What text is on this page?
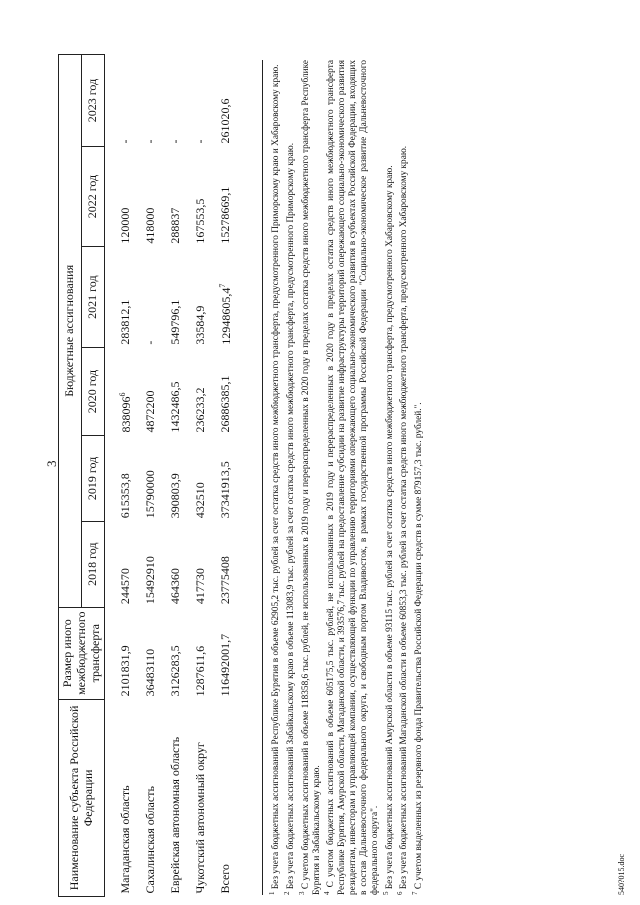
3
Наименование субъекта Российской Федерации	Размер иного межбюджетного трансферта	Бюджетные ассигнования					
		2018 год	2019 год	2020 год	2021 год	2022 год	2023 год
Магаданская область	2101831,9	244570	615353,8	838096$^6$	283812,1	120000	-
Сахалинская область	36483110	15492910	15790000	4872200	-	418000	-
Еврейская автономная область	3126283,5	464360	390803,9	1432486,5	549796,1	288837	-
Чукотский автономный округ	1287611,6	417730	432510	236233,2	33584,9	167553,5	-
Всего	116492001,7	23775408	37341913,5	26886385,1	12948605,4$^7$	15278669,1	261020,6

$^1$ Без учета бюджетных ассигнований Республике Бурятия в объеме 62905,2 тыс. рублей за счет остатка средств иного межбюджетного трансферта, предусмотренного Приморскому краю и Хабаровскому краю.

$^2$ Без учета бюджетных ассигнований Забайкальскому краю в объеме 113083,9 тыс. рублей за счет остатка средств иного межбюджетного трансферта, предусмотренного Приморскому краю.

$^3$ С учетом бюджетных ассигнований в объеме 118358,6 тыс. рублей, не использованных в 2019 году и перераспределенных в 2020 году в пределах остатка средств иного межбюджетного трансферта Республике Бурятия и Забайкальскому краю. $^4$ С учетом бюджетных ассигнований в объеме 605175,5 тыс. рублей, не использованных в 2019 году и перераспределенных в 2020 году в пределах остатка средств иного межбюджетного трансферта Республике Бурятия, Амурской области, Магаданской области, и 393576,7 тыс. рублей на предоставление субсидии на развитие инфраструктуры территорий опережающего социально-экономического развития резидентам, инвесторам и управляющей компании, осуществляющей функции по управлению территориями опережающего социально-экономического развития в субъектах Российской Федерации, входящих в состав Дальневосточного федерального округа, и свободным портом Владивосток, в рамках государственной программы Российской Федерации "Социально-экономическое развитие Дальневосточного федерального округа". $^5$ Без учета бюджетных ассигнований Амурской области в объеме 93115 тыс. рублей за счет остатка средств иного межбюджетного трансферта, предусмотренного Хабаровскому краю.

$^6$ Без учета бюджетных ассигнований Магаданской области в объеме 60853,3 тыс. рублей за счет остатка средств иного межбюджетного трансферта, предусмотренного Хабаровскому краю.

$^7$ С учетом выделенных из резервного фонда Правительства Российской Федерации средств в сумме 879157,3 тыс. рублей.".	540?015.doc
